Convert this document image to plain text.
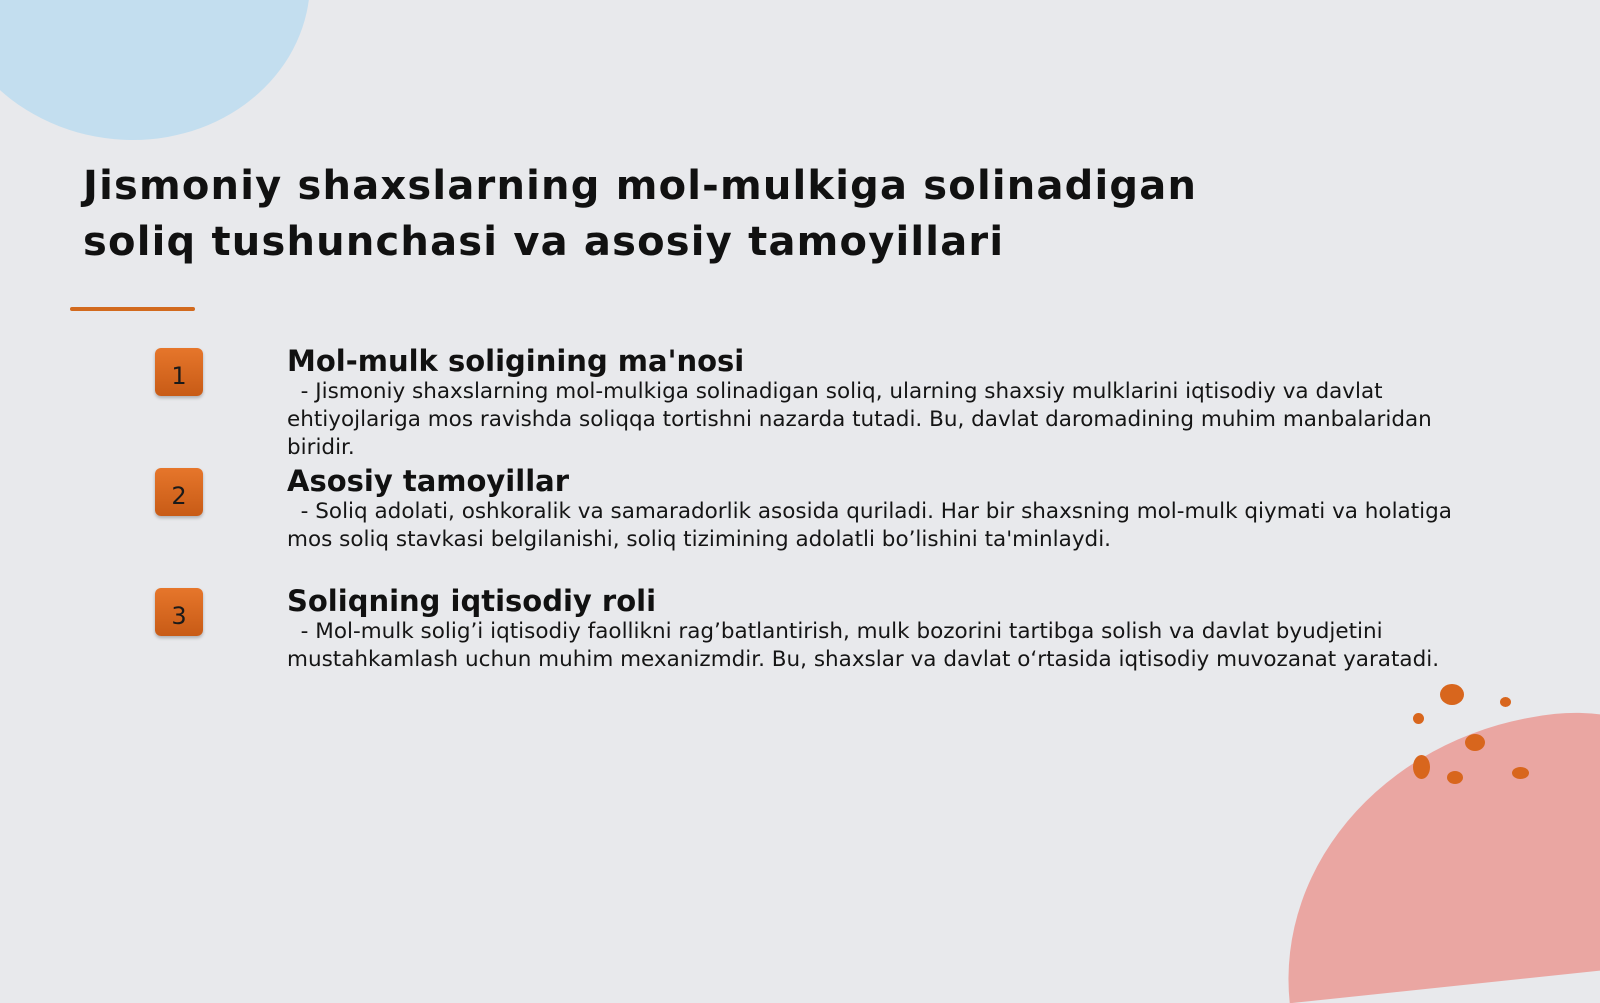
Jismoniy shaxslarning mol-mulkiga solinadigan soliq tushunchasi va asosiy tamoyillari
1	Mol-mulk soligining ma'nosi

- Jismoniy shaxslarning mol-mulkiga solinadigan soliq, ularning shaxsiy mulklarini iqtisodiy va davlat ehtiyojlariga mos ravishda soliqqa tortishni nazarda tutadi. Bu, davlat daromadining muhim manbalaridan biridir.

2	Asosiy tamoyillar

- Soliq adolati, oshkoralik va samaradorlik asosida quriladi. Har bir shaxsning mol-mulk qiymati va holatiga mos soliq stavkasi belgilanishi, soliq tizimining adolatli bo’lishini ta'minlaydi.

3	Soliqning iqtisodiy roli

- Mol-mulk solig’i iqtisodiy faollikni rag’batlantirish, mulk bozorini tartibga solish va davlat byudjetini mustahkamlash uchun muhim mexanizmdir. Bu, shaxslar va davlat o‘rtasida iqtisodiy muvozanat yaratadi.
